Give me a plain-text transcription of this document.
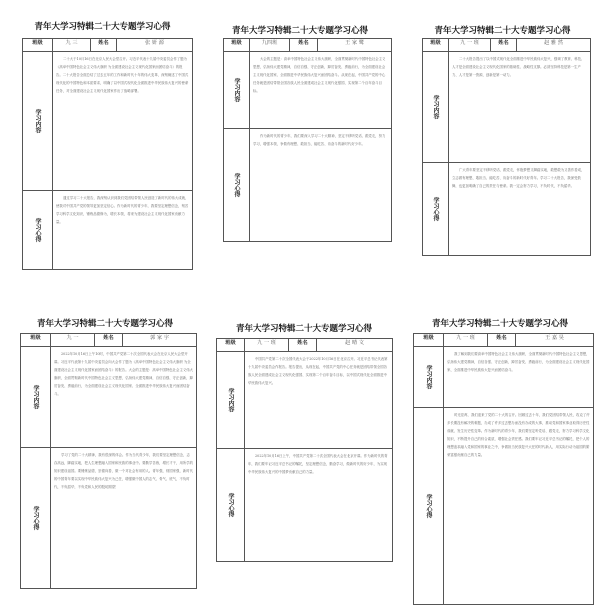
青年大学习特辑二十大专题学习心得
班级	九 三	姓名	张 妍 源
学习内容	二十大于10月16日在北京人民大会堂召开。习近平代表十九届中央委员会作了题为《高举中国特色社会主义伟大旗帜 为全面建设社会主义现代化国家而团结奋斗》的报告。二十大报告全面总结了过去五年的工作和新时代十年的伟大变革，深刻阐述了中国式现代化的中国特色和本质要求，明确了以中国式现代化全面推进中华民族伟大复兴的使命任务，对全面建设社会主义现代化国家作出了战略部署。		
学习心得	通过学习二十大报告，我深刻认识到我们党团结带领人民创造了新时代的伟大成就，使我对中国共产党的领导更加坚定信心。作为新时代的青少年，我要坚定理想信念，刻苦学习科学文化知识，锤炼品德修为，增长本领，将来为建设社会主义现代化国家贡献力量。		
青年大学习特辑二十大专题学习心得
班级	九四班	姓名	王 家 鹭
学习内容	大会的主题是：高举中国特色社会主义伟大旗帜，全面贯彻新时代中国特色社会主义思想，弘扬伟大建党精神，自信自强、守正创新，踔厉奋发、勇毅前行，为全面建设社会主义现代化国家、全面推进中华民族伟大复兴而团结奋斗。从现在起，中国共产党的中心任务就是团结带领全国各族人民全面建成社会主义现代化强国、实现第二个百年奋斗目标。		
学习心得	作为新时代的青少年，我们要深入学习二十大精神，坚定不移听党话、跟党走，努力学习，增强本领，争做有理想、敢担当、能吃苦、肯奋斗的新时代好少年。		
青年大学习特辑二十大专题学习心得
班级	九 一 班	姓名	赵 雅 然
学习内容	二十大报告提出了以中国式现代化全面推进中华民族伟大复兴，强调了教育、科技、人才是全面建设社会主义现代化国家的基础性、战略性支撑。必须坚持科技是第一生产力、人才是第一资源、创新是第一动力。		
学习心得	广大青年要坚定不移听党话、跟党走，怀抱梦想又脚踏实地，敢想敢为又善作善成，立志做有理想、敢担当、能吃苦、肯奋斗的新时代好青年。学习二十大报告，我深受鼓舞，也更加明确了自己的责任与使命。我一定会努力学习，不负时代，不负韶华。		
青年大学习特辑二十大专题学习心得
班级	九 一	姓名	郭 家 宇
学习内容	2022年10月16日上午10时，中国共产党第二十次全国代表大会在北京人民大会堂开幕。习近平代表第十九届中央委员会向大会作了题为《高举中国特色社会主义伟大旗帜 为全面建设社会主义现代化国家而团结奋斗》的报告。大会的主题是：高举中国特色社会主义伟大旗帜，全面贯彻新时代中国特色社会主义思想，弘扬伟大建党精神，自信自强、守正创新，踔厉奋发、勇毅前行，为全面建设社会主义现代化国家、全面推进中华民族伟大复兴而团结奋斗。		
学习心得	学习了党的二十大精神，我有很深的体会。作为当代青少年，我们要坚定理想信念，志存高远，脚踏实地，把人生理想融入国家和民族的事业中。要勤学苦练，增长才干，用所学的知识建设祖国。要锤炼品德，崇德向善，做一个对社会有用的人。青年强，则国家强，新时代的中国青年要以实现中华民族伟大复兴为己任，增强做中国人的志气、骨气、底气，不负时代，不负韶华，不负党和人民的殷切期望！		
青年大学习特辑二十大专题学习心得
班级	九 一 班	姓名	赵 晴 文
学习内容	中国共产党第二十次全国代表大会于2022年10月16日在北京召开。习近平总书记代表第十九届中央委员会作报告。报告提出，从现在起，中国共产党的中心任务就是团结带领全国各族人民全面建成社会主义现代化强国、实现第二个百年奋斗目标，以中国式现代化全面推进中华民族伟大复兴。		
学习心得	2022年10月16日上午，中国共产党第二十次全国代表大会在北京开幕。作为新时代的青年，我们要牢记习近平总书记的嘱托，坚定理想信念，勤奋学习，做新时代的好少年，为实现中华民族伟大复兴的中国梦贡献自己的力量。		
青年大学习特辑二十大专题学习心得
班级	九 一 班	姓名	王 嘉 昊
学习内容	我了解到我们要高举中国特色社会主义伟大旗帜，全面贯彻新时代中国特色社会主义思想，弘扬伟大建党精神，自信自强、守正创新，踔厉奋发、勇毅前行，为全面建设社会主义现代化国家、全面推进中华民族伟大复兴而团结奋斗。		
学习心得	时光荏苒，我们迎来了党的二十大的召开。回顾过去十年，我们党团结带领人民，攻克了许多长期没有解决的难题，办成了许多过去想办而没有办成的大事，推动党和国家事业取得历史性成就、发生历史性变革。作为新时代的青少年，我们要坚定听党话、跟党走，努力学习科学文化知识，不断提升自己的综合素质，增强社会责任感。我们要牢记习近平总书记的嘱托，把个人的理想追求融入党和国家的事业之中，争做担当民族复兴大任的时代新人，用实际行动为祖国的繁荣富强贡献自己的力量。		
